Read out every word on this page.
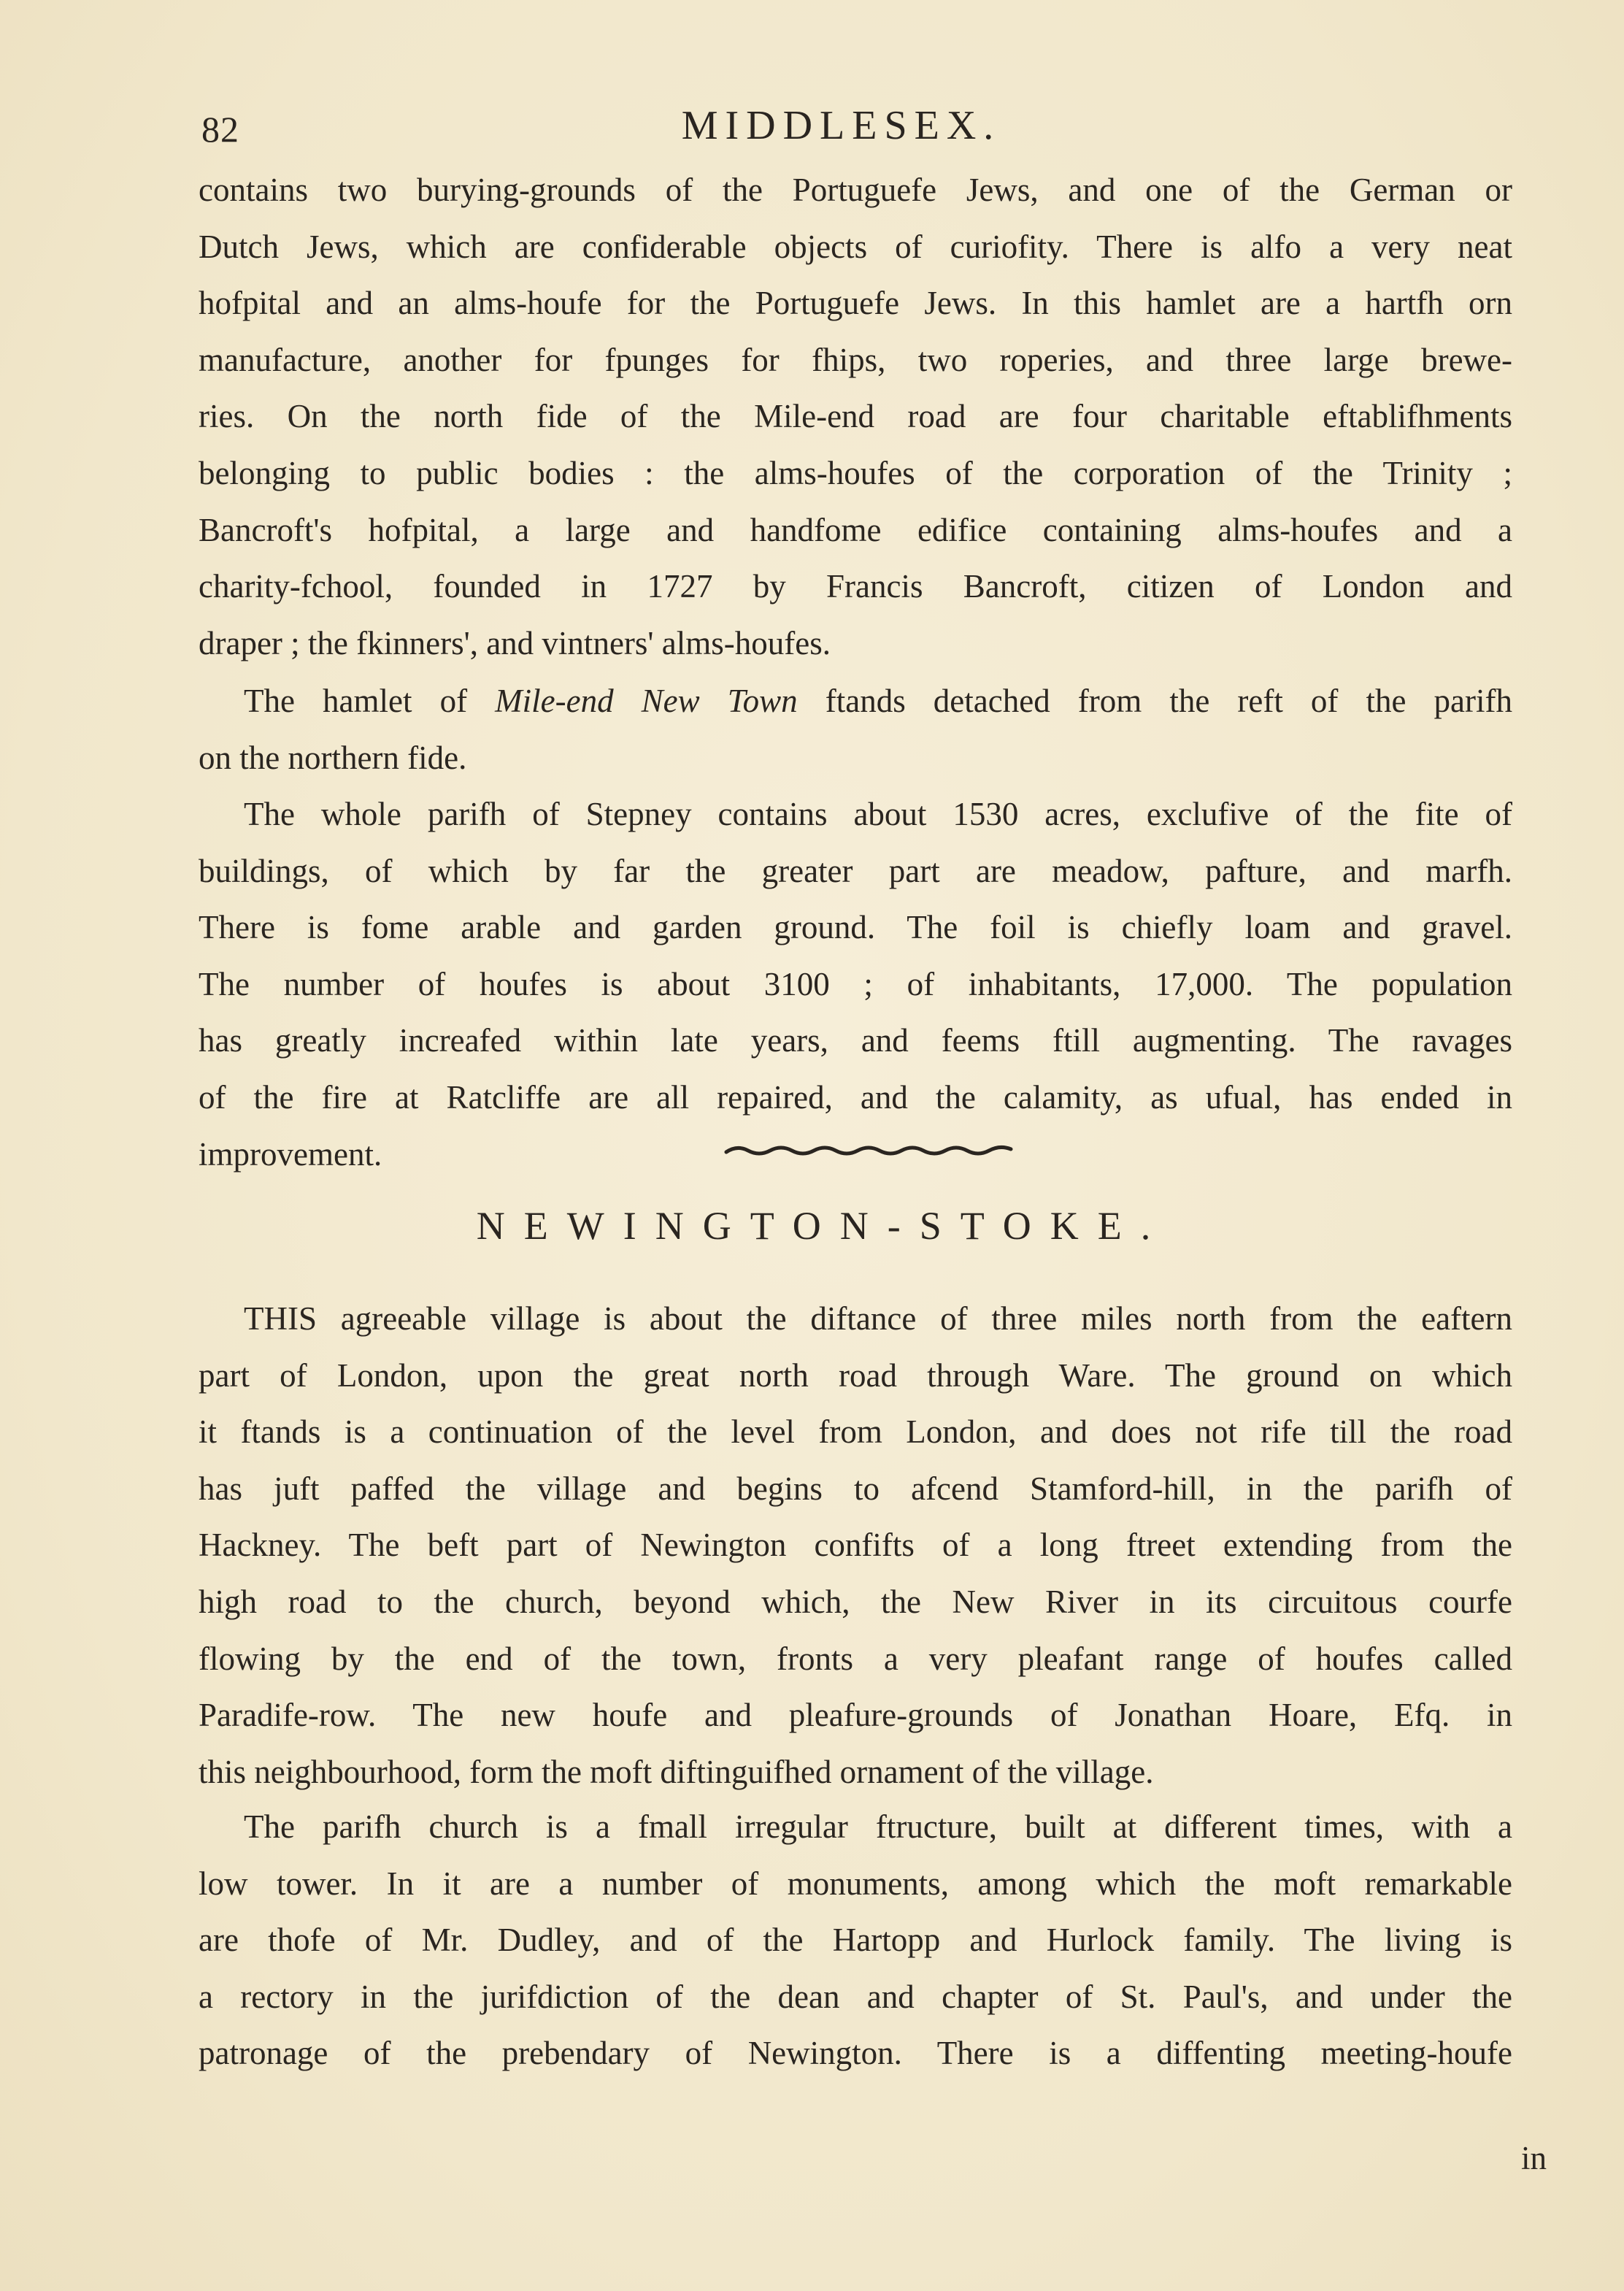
82	MIDDLESEX.
contains two burying-grounds of the Portuguefe Jews, and one of the German or
Dutch Jews, which are confiderable objects of curiofity. There is alfo a very neat
hofpital and an alms-houfe for the Portuguefe Jews. In this hamlet are a hartfh orn
manufacture, another for fpunges for fhips, two roperies, and three large brewe-
ries. On the north fide of the Mile-end road are four charitable eftablifhments
belonging to public bodies : the alms-houfes of the corporation of the Trinity ;
Bancroft's hofpital, a large and handfome edifice containing alms-houfes and a
charity-fchool, founded in 1727 by Francis Bancroft, citizen of London and
draper ; the fkinners', and vintners' alms-houfes.
The hamlet of Mile-end New Town ftands detached from the reft of the parifh
on the northern fide.
The whole parifh of Stepney contains about 1530 acres, exclufive of the fite of
buildings, of which by far the greater part are meadow, pafture, and marfh.
There is fome arable and garden ground. The foil is chiefly loam and gravel.
The number of houfes is about 3100 ; of inhabitants, 17,000. The population
has greatly increafed within late years, and feems ftill augmenting. The ravages
of the fire at Ratcliffe are all repaired, and the calamity, as ufual, has ended in
improvement.
NEWINGTON-STOKE.
THIS agreeable village is about the diftance of three miles north from the eaftern
part of London, upon the great north road through Ware. The ground on which
it ftands is a continuation of the level from London, and does not rife till the road
has juft paffed the village and begins to afcend Stamford-hill, in the parifh of
Hackney. The beft part of Newington confifts of a long ftreet extending from the
high road to the church, beyond which, the New River in its circuitous courfe
flowing by the end of the town, fronts a very pleafant range of houfes called
Paradife-row. The new houfe and pleafure-grounds of Jonathan Hoare, Efq. in
this neighbourhood, form the moft diftinguifhed ornament of the village.
The parifh church is a fmall irregular ftructure, built at different times, with a
low tower. In it are a number of monuments, among which the moft remarkable
are thofe of Mr. Dudley, and of the Hartopp and Hurlock family. The living is
a rectory in the jurifdiction of the dean and chapter of St. Paul's, and under the
patronage of the prebendary of Newington. There is a diffenting meeting-houfe
in
